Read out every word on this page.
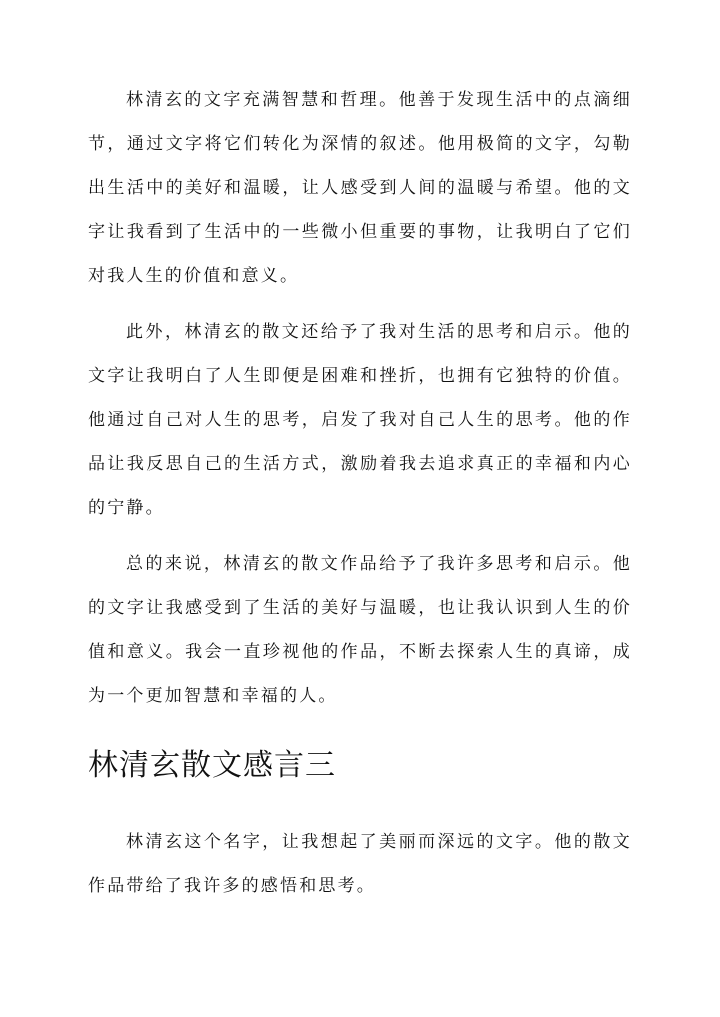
林清玄的文字充满智慧和哲理。他善于发现生活中的点滴细节，通过文字将它们转化为深情的叙述。他用极简的文字，勾勒出生活中的美好和温暖，让人感受到人间的温暖与希望。他的文字让我看到了生活中的一些微小但重要的事物，让我明白了它们对我人生的价值和意义。

此外，林清玄的散文还给予了我对生活的思考和启示。他的文字让我明白了人生即便是困难和挫折，也拥有它独特的价值。他通过自己对人生的思考，启发了我对自己人生的思考。他的作品让我反思自己的生活方式，激励着我去追求真正的幸福和内心的宁静。

总的来说，林清玄的散文作品给予了我许多思考和启示。他的文字让我感受到了生活的美好与温暖，也让我认识到人生的价值和意义。我会一直珍视他的作品，不断去探索人生的真谛，成为一个更加智慧和幸福的人。

林清玄散文感言三

林清玄这个名字，让我想起了美丽而深远的文字。他的散文作品带给了我许多的感悟和思考。
